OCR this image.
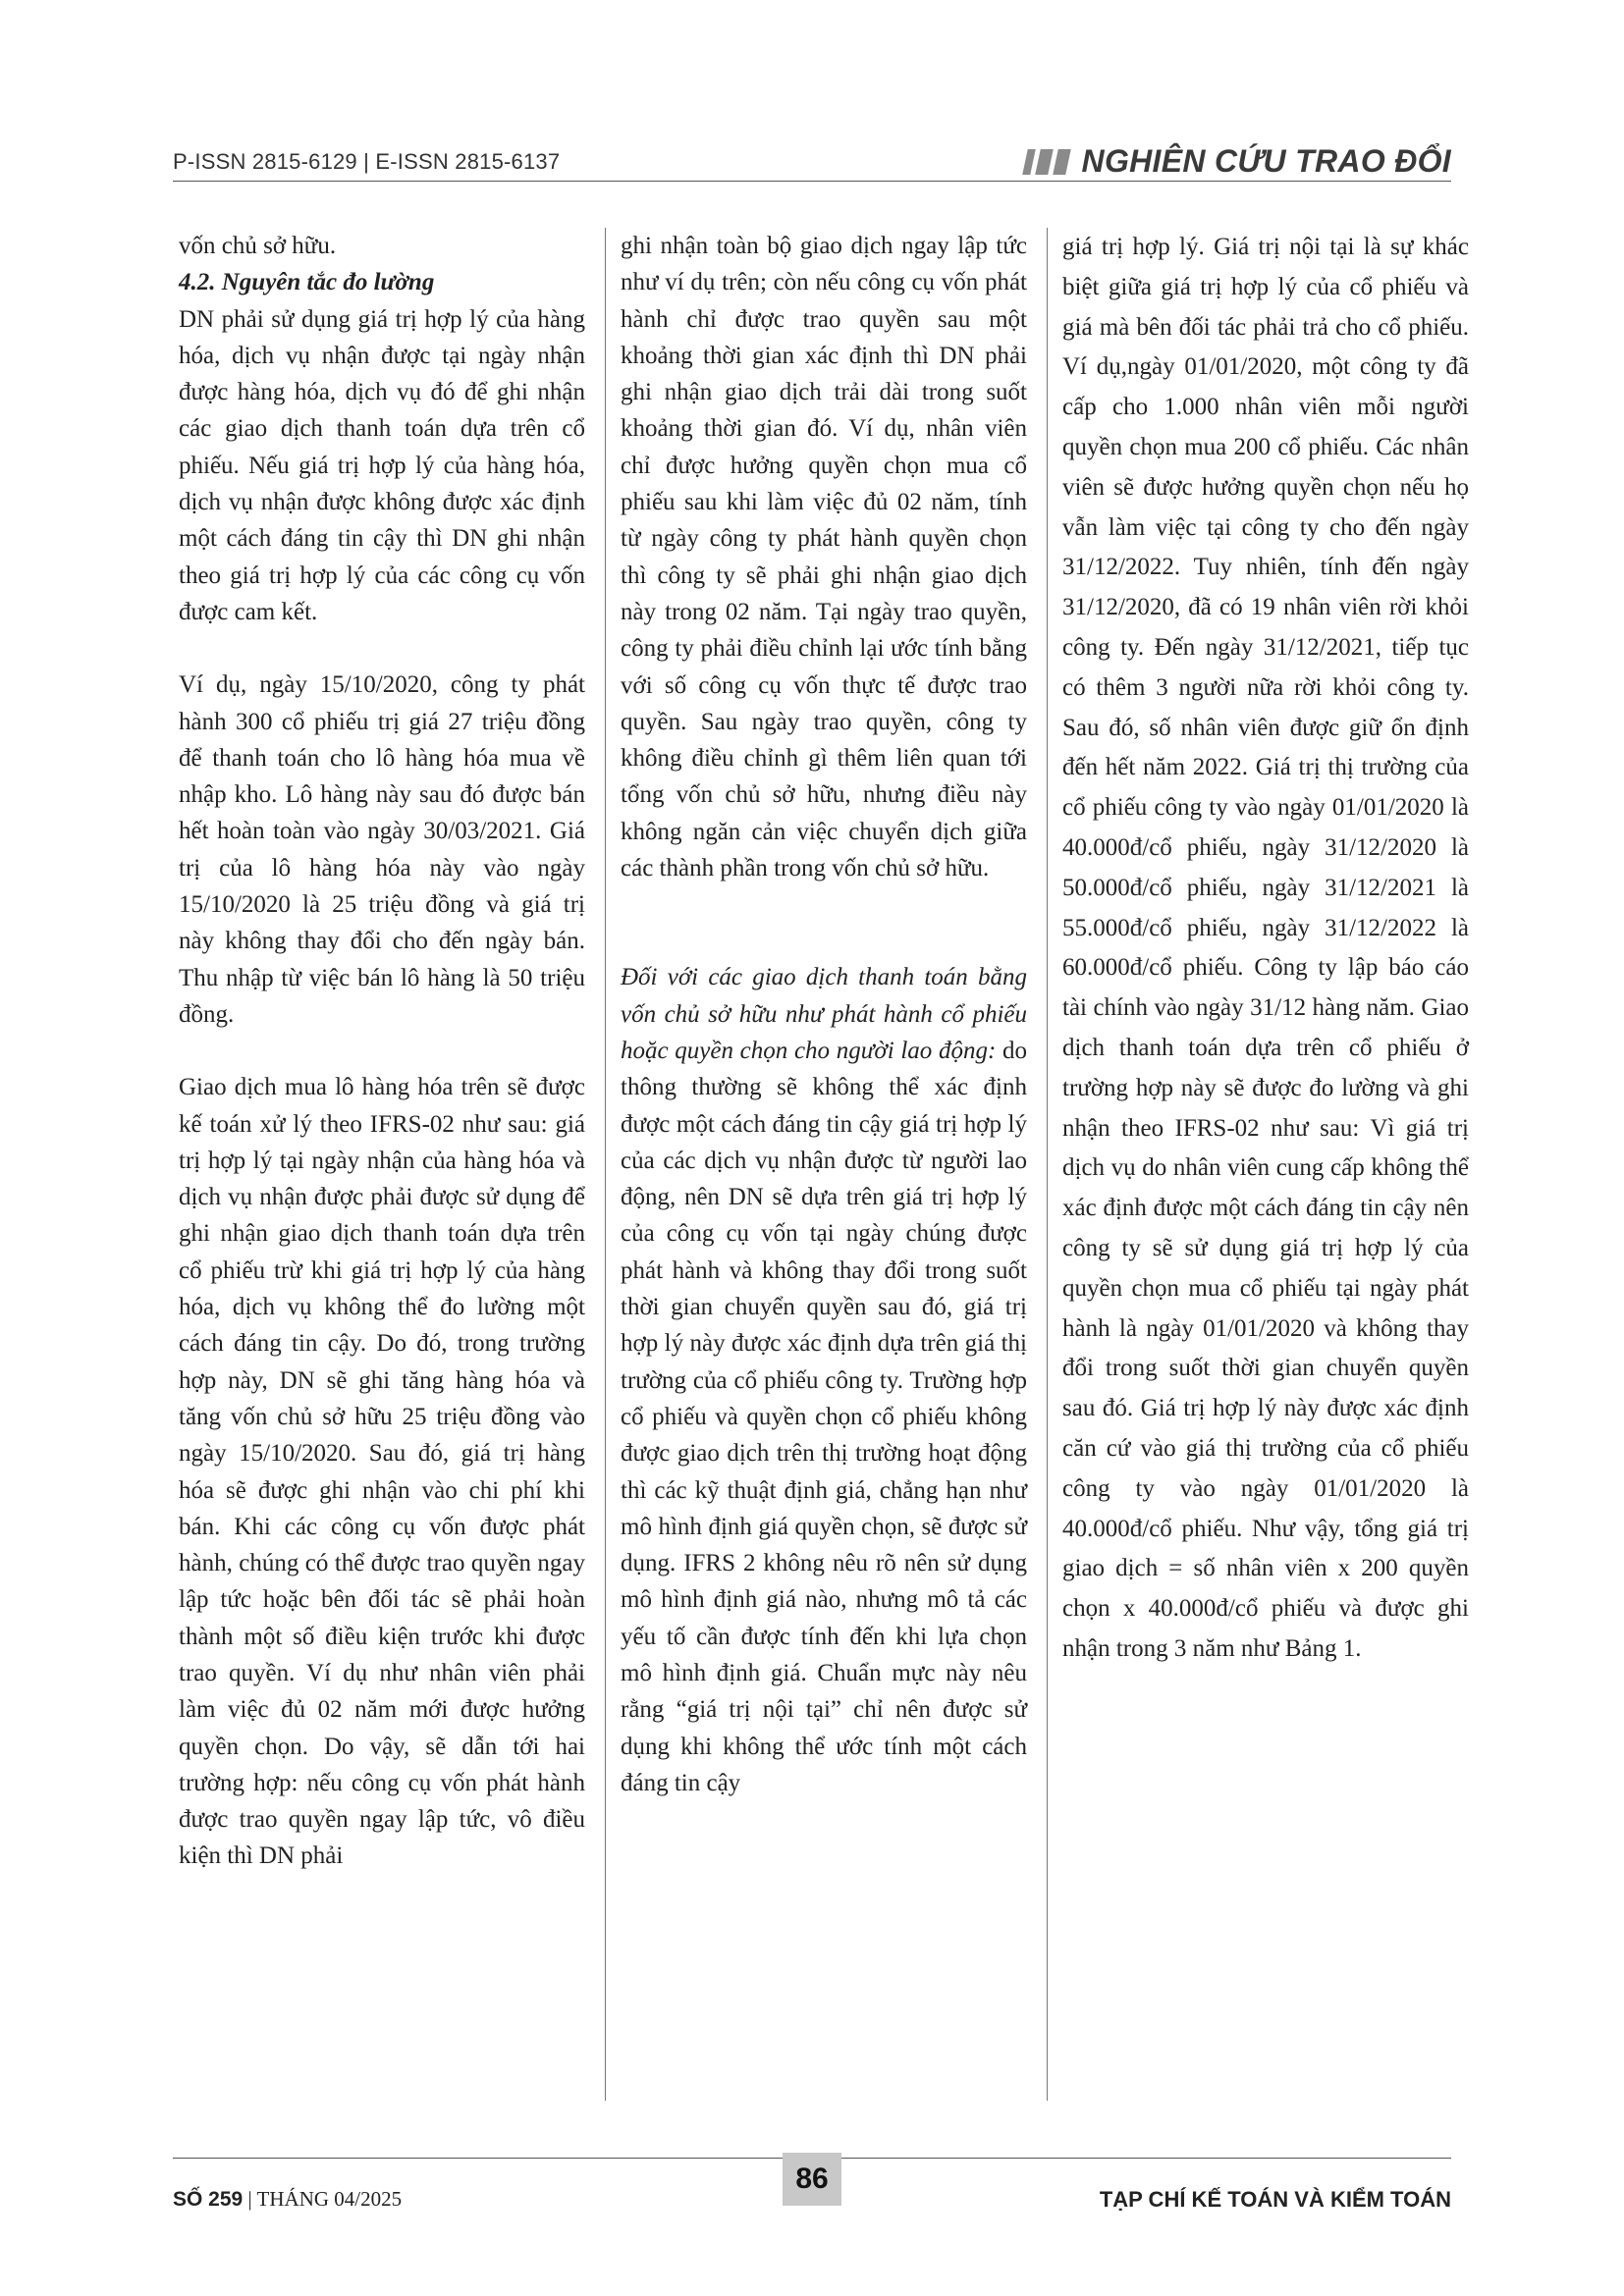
P-ISSN 2815-6129 | E-ISSN 2815-6137	NGHIÊN CỨU TRAO ĐỔI

vốn chủ sở hữu.

4.2. Nguyên tắc đo lường

DN phải sử dụng giá trị hợp lý của hàng hóa, dịch vụ nhận được tại ngày nhận được hàng hóa, dịch vụ đó để ghi nhận các giao dịch thanh toán dựa trên cổ phiếu. Nếu giá trị hợp lý của hàng hóa, dịch vụ nhận được không được xác định một cách đáng tin cậy thì DN ghi nhận theo giá trị hợp lý của các công cụ vốn được cam kết.

Ví dụ, ngày 15/10/2020, công ty phát hành 300 cổ phiếu trị giá 27 triệu đồng để thanh toán cho lô hàng hóa mua về nhập kho. Lô hàng này sau đó được bán hết hoàn toàn vào ngày 30/03/2021. Giá trị của lô hàng hóa này vào ngày 15/10/2020 là 25 triệu đồng và giá trị này không thay đổi cho đến ngày bán. Thu nhập từ việc bán lô hàng là 50 triệu đồng.

Giao dịch mua lô hàng hóa trên sẽ được kế toán xử lý theo IFRS-02 như sau: giá trị hợp lý tại ngày nhận của hàng hóa và dịch vụ nhận được phải được sử dụng để ghi nhận giao dịch thanh toán dựa trên cổ phiếu trừ khi giá trị hợp lý của hàng hóa, dịch vụ không thể đo lường một cách đáng tin cậy. Do đó, trong trường hợp này, DN sẽ ghi tăng hàng hóa và tăng vốn chủ sở hữu 25 triệu đồng vào ngày 15/10/2020. Sau đó, giá trị hàng hóa sẽ được ghi nhận vào chi phí khi bán. Khi các công cụ vốn được phát hành, chúng có thể được trao quyền ngay lập tức hoặc bên đối tác sẽ phải hoàn thành một số điều kiện trước khi được trao quyền. Ví dụ như nhân viên phải làm việc đủ 02 năm mới được hưởng quyền chọn. Do vậy, sẽ dẫn tới hai trường hợp: nếu công cụ vốn phát hành được trao quyền ngay lập tức, vô điều kiện thì DN phải

ghi nhận toàn bộ giao dịch ngay lập tức như ví dụ trên; còn nếu công cụ vốn phát hành chỉ được trao quyền sau một khoảng thời gian xác định thì DN phải ghi nhận giao dịch trải dài trong suốt khoảng thời gian đó. Ví dụ, nhân viên chỉ được hưởng quyền chọn mua cổ phiếu sau khi làm việc đủ 02 năm, tính từ ngày công ty phát hành quyền chọn thì công ty sẽ phải ghi nhận giao dịch này trong 02 năm. Tại ngày trao quyền, công ty phải điều chỉnh lại ước tính bằng với số công cụ vốn thực tế được trao quyền. Sau ngày trao quyền, công ty không điều chỉnh gì thêm liên quan tới tổng vốn chủ sở hữu, nhưng điều này không ngăn cản việc chuyển dịch giữa các thành phần trong vốn chủ sở hữu.

Đối với các giao dịch thanh toán bằng vốn chủ sở hữu như phát hành cổ phiếu hoặc quyền chọn cho người lao động: do thông thường sẽ không thể xác định được một cách đáng tin cậy giá trị hợp lý của các dịch vụ nhận được từ người lao động, nên DN sẽ dựa trên giá trị hợp lý của công cụ vốn tại ngày chúng được phát hành và không thay đổi trong suốt thời gian chuyển quyền sau đó, giá trị hợp lý này được xác định dựa trên giá thị trường của cổ phiếu công ty. Trường hợp cổ phiếu và quyền chọn cổ phiếu không được giao dịch trên thị trường hoạt động thì các kỹ thuật định giá, chẳng hạn như mô hình định giá quyền chọn, sẽ được sử dụng. IFRS 2 không nêu rõ nên sử dụng mô hình định giá nào, nhưng mô tả các yếu tố cần được tính đến khi lựa chọn mô hình định giá. Chuẩn mực này nêu rằng “giá trị nội tại” chỉ nên được sử dụng khi không thể ước tính một cách đáng tin cậy

giá trị hợp lý. Giá trị nội tại là sự khác biệt giữa giá trị hợp lý của cổ phiếu và giá mà bên đối tác phải trả cho cổ phiếu. Ví dụ,ngày 01/01/2020, một công ty đã cấp cho 1.000 nhân viên mỗi người quyền chọn mua 200 cổ phiếu. Các nhân viên sẽ được hưởng quyền chọn nếu họ vẫn làm việc tại công ty cho đến ngày 31/12/2022. Tuy nhiên, tính đến ngày 31/12/2020, đã có 19 nhân viên rời khỏi công ty. Đến ngày 31/12/2021, tiếp tục có thêm 3 người nữa rời khỏi công ty. Sau đó, số nhân viên được giữ ổn định đến hết năm 2022. Giá trị thị trường của cổ phiếu công ty vào ngày 01/01/2020 là 40.000đ/cổ phiếu, ngày 31/12/2020 là 50.000đ/cổ phiếu, ngày 31/12/2021 là 55.000đ/cổ phiếu, ngày 31/12/2022 là 60.000đ/cổ phiếu. Công ty lập báo cáo tài chính vào ngày 31/12 hàng năm. Giao dịch thanh toán dựa trên cổ phiếu ở trường hợp này sẽ được đo lường và ghi nhận theo IFRS-02 như sau: Vì giá trị dịch vụ do nhân viên cung cấp không thể xác định được một cách đáng tin cậy nên công ty sẽ sử dụng giá trị hợp lý của quyền chọn mua cổ phiếu tại ngày phát hành là ngày 01/01/2020 và không thay đổi trong suốt thời gian chuyển quyền sau đó. Giá trị hợp lý này được xác định căn cứ vào giá thị trường của cổ phiếu công ty vào ngày 01/01/2020 là 40.000đ/cổ phiếu. Như vậy, tổng giá trị giao dịch = số nhân viên x 200 quyền chọn x 40.000đ/cổ phiếu và được ghi nhận trong 3 năm như Bảng 1.

SỐ 259 | THÁNG 04/2025
86
TẠP CHÍ KẾ TOÁN VÀ KIỂM TOÁN
